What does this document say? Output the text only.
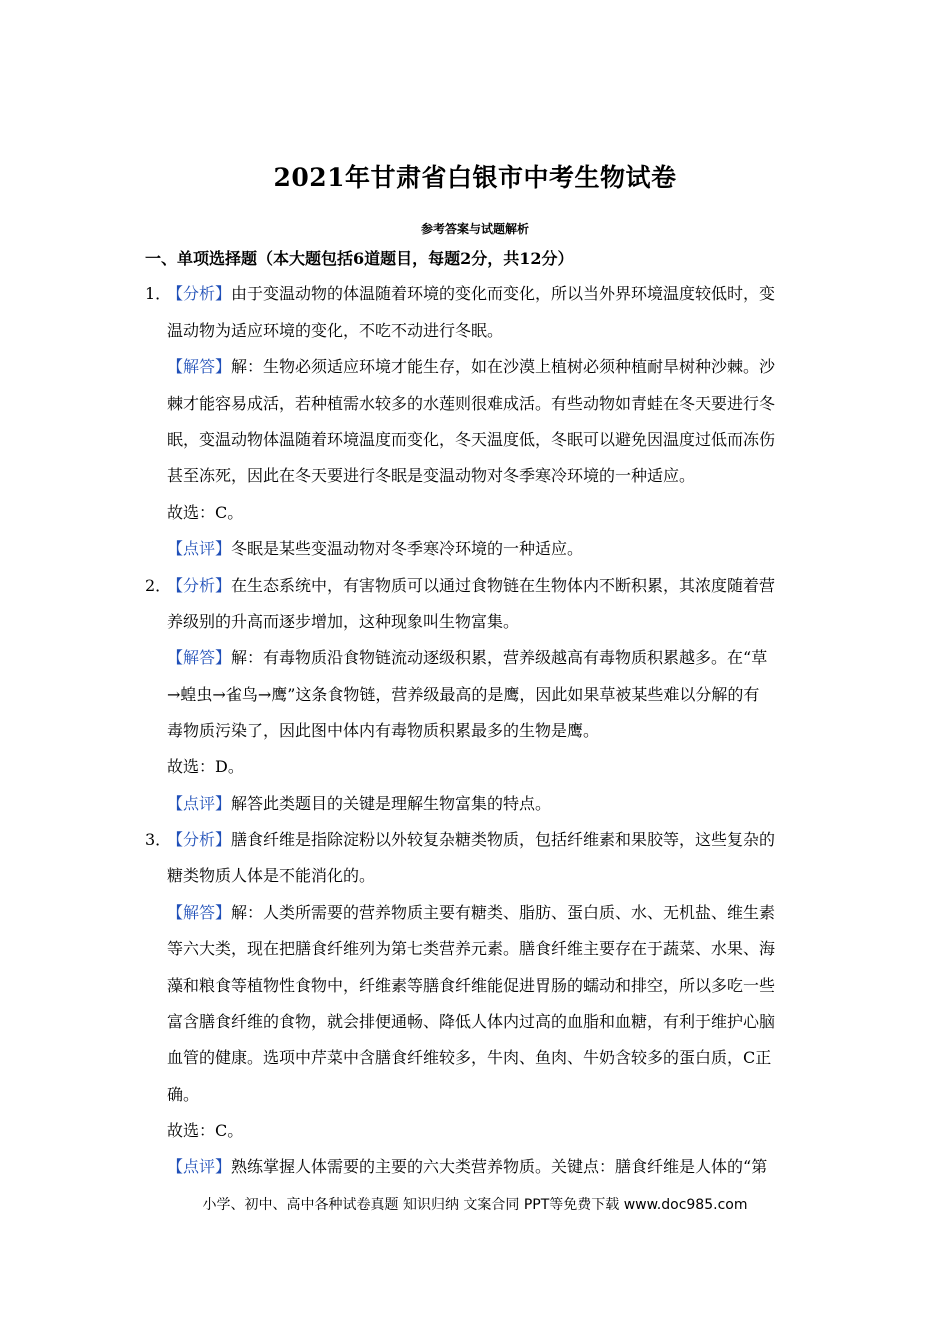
2021年甘肃省白银市中考生物试卷
参考答案与试题解析
一、单项选择题（本大题包括6道题目，每题2分，共12分）
1．
【分析】由于变温动物的体温随着环境的变化而变化，所以当外界环境温度较低时，变
温动物为适应环境的变化，不吃不动进行冬眠。
【解答】解：生物必须适应环境才能生存，如在沙漠上植树必须种植耐旱树种沙棘。沙
棘才能容易成活，若种植需水较多的水莲则很难成活。有些动物如青蛙在冬天要进行冬
眠，变温动物体温随着环境温度而变化，冬天温度低，冬眠可以避免因温度过低而冻伤
甚至冻死，因此在冬天要进行冬眠是变温动物对冬季寒冷环境的一种适应。
故选：C。
【点评】冬眠是某些变温动物对冬季寒冷环境的一种适应。
2．
【分析】在生态系统中，有害物质可以通过食物链在生物体内不断积累，其浓度随着营
养级别的升高而逐步增加，这种现象叫生物富集。
【解答】解：有毒物质沿食物链流动逐级积累，营养级越高有毒物质积累越多。在“草
→蝗虫→雀鸟→鹰”这条食物链，营养级最高的是鹰，因此如果草被某些难以分解的有
毒物质污染了，因此图中体内有毒物质积累最多的生物是鹰。
故选：D。
【点评】解答此类题目的关键是理解生物富集的特点。
3．
【分析】膳食纤维是指除淀粉以外较复杂糖类物质，包括纤维素和果胶等，这些复杂的
糖类物质人体是不能消化的。
【解答】解：人类所需要的营养物质主要有糖类、脂肪、蛋白质、水、无机盐、维生素
等六大类，现在把膳食纤维列为第七类营养元素。膳食纤维主要存在于蔬菜、水果、海
藻和粮食等植物性食物中，纤维素等膳食纤维能促进胃肠的蠕动和排空，所以多吃一些
富含膳食纤维的食物，就会排便通畅、降低人体内过高的血脂和血糖，有利于维护心脑
血管的健康。选项中芹菜中含膳食纤维较多，牛肉、鱼肉、牛奶含较多的蛋白质，C正
确。
故选：C。
【点评】熟练掌握人体需要的主要的六大类营养物质。关键点：膳食纤维是人体的“第
小学、初中、高中各种试卷真题 知识归纳 文案合同 PPT等免费下载 www.doc985.com
